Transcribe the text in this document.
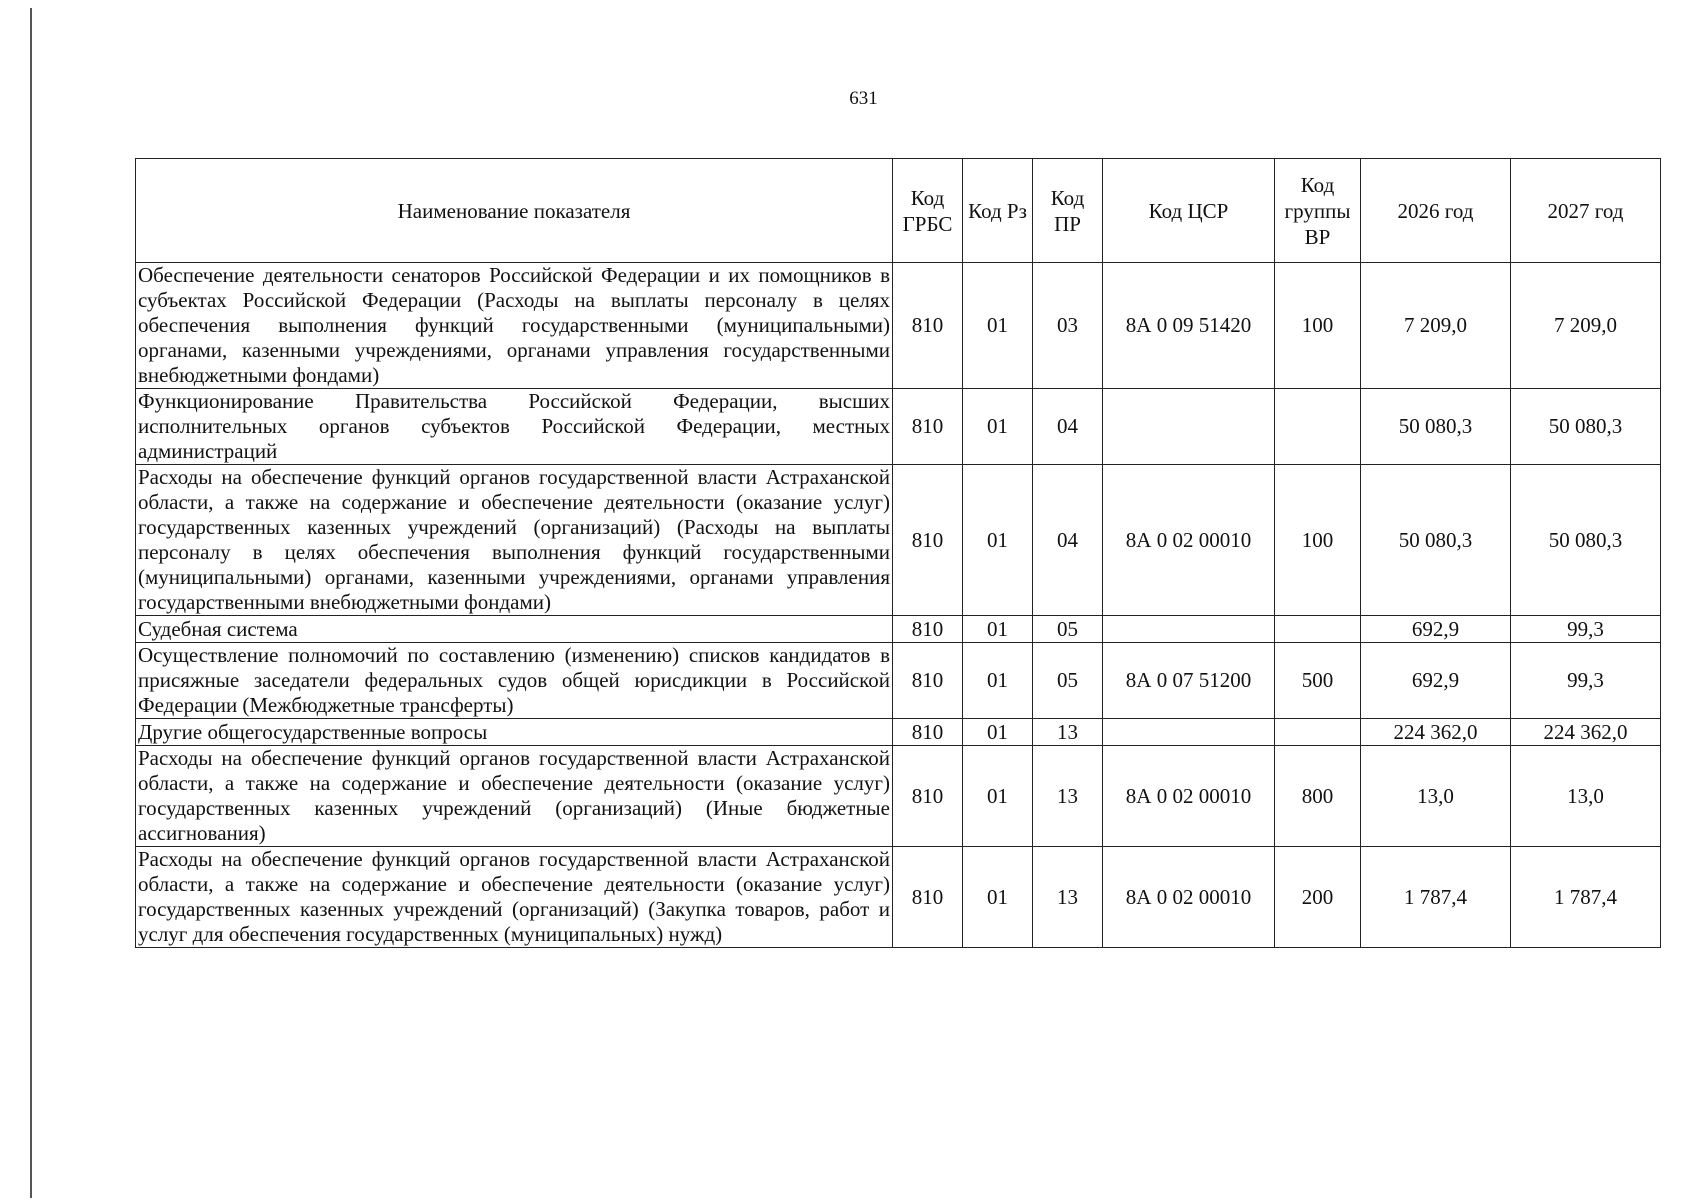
631
Наименование показателя	Код ГРБС	Код Рз	Код ПР	Код ЦСР	Код группы ВР	2026 год	2027 год
Обеспечение деятельности сенаторов Российской Федерации и их помощников в субъектах Российской Федерации (Расходы на выплаты персоналу в целях обеспечения выполнения функций государственными (муниципальными) органами, казенными учреждениями, органами управления государственными внебюджетными фондами)	810	01	03	8А 0 09 51420	100	7 209,0	7 209,0
Функционирование Правительства Российской Федерации, высших исполнительных органов субъектов Российской Федерации, местных администраций	810	01	04			50 080,3	50 080,3
Расходы на обеспечение функций органов государственной власти Астраханской области, а также на содержание и обеспечение деятельности (оказание услуг) государственных казенных учреждений (организаций) (Расходы на выплаты персоналу в целях обеспечения выполнения функций государственными (муниципальными) органами, казенными учреждениями, органами управления государственными внебюджетными фондами)	810	01	04	8А 0 02 00010	100	50 080,3	50 080,3
Судебная система	810	01	05			692,9	99,3
Осуществление полномочий по составлению (изменению) списков кандидатов в присяжные заседатели федеральных судов общей юрисдикции в Российской Федерации (Межбюджетные трансферты)	810	01	05	8А 0 07 51200	500	692,9	99,3
Другие общегосударственные вопросы	810	01	13			224 362,0	224 362,0
Расходы на обеспечение функций органов государственной власти Астраханской области, а также на содержание и обеспечение деятельности (оказание услуг) государственных казенных учреждений (организаций) (Иные бюджетные ассигнования)	810	01	13	8А 0 02 00010	800	13,0	13,0
Расходы на обеспечение функций органов государственной власти Астраханской области, а также на содержание и обеспечение деятельности (оказание услуг) государственных казенных учреждений (организаций) (Закупка товаров, работ и услуг для обеспечения государственных (муниципальных) нужд)	810	01	13	8А 0 02 00010	200	1 787,4	1 787,4
